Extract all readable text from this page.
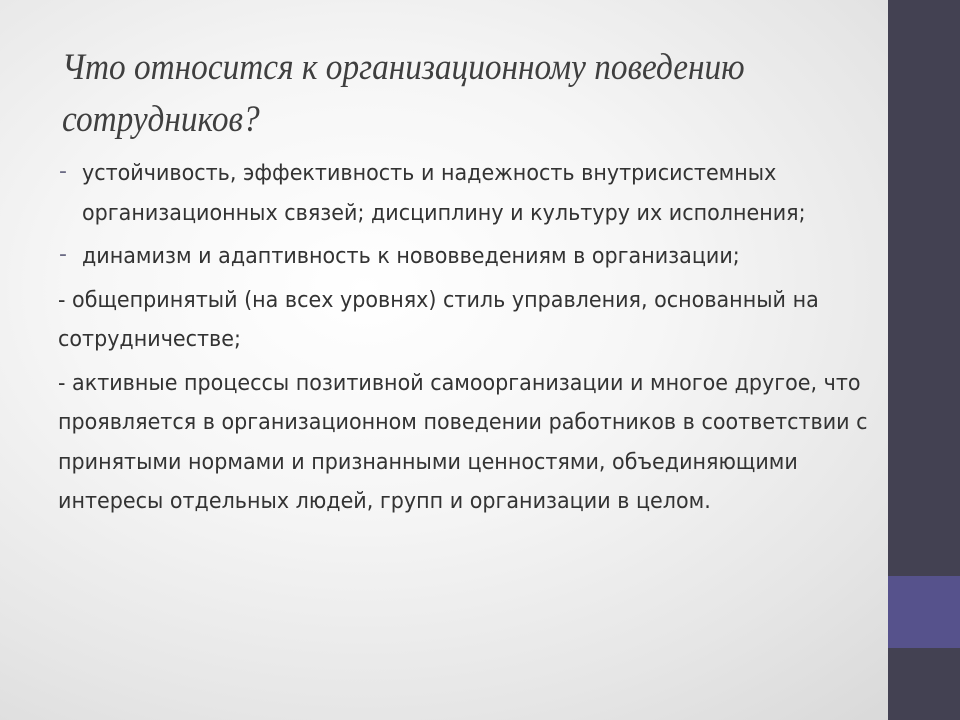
Что относится к организационному поведению сотрудников?
- устойчивость, эффективность и надежность внутрисистемных организационных связей; дисциплину и культуру их исполнения;
- динамизм и адаптивность к нововведениям в организации;
- общепринятый (на всех уровнях) стиль управления, основанный на сотрудничестве;
- активные процессы позитивной самоорганизации и многое другое, что проявляется в организационном поведении работников в соответствии с принятыми нормами и признанными ценностями, объединяющими интересы отдельных людей, групп и организации в целом.
